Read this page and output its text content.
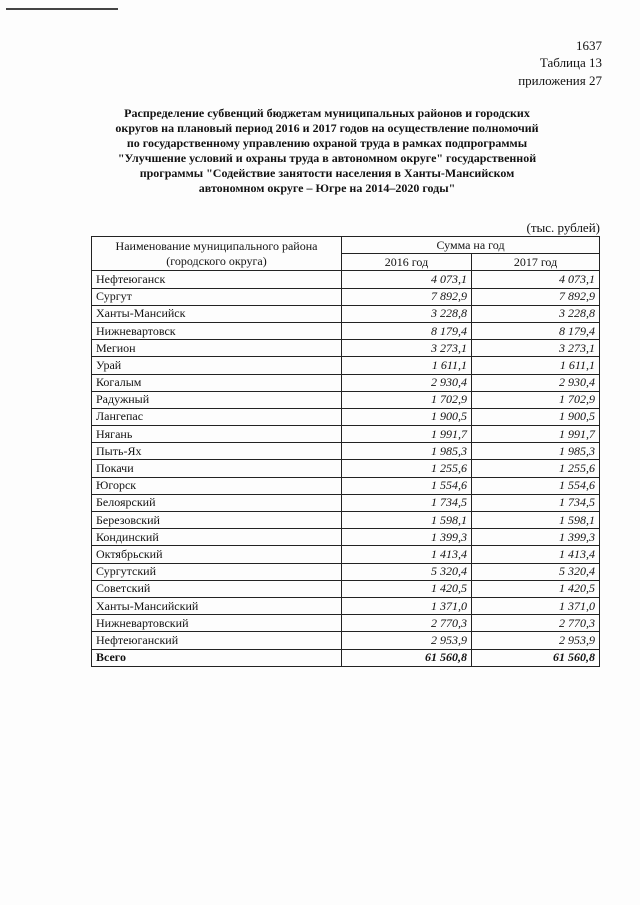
1637
Таблица 13
приложения 27
Распределение субвенций бюджетам муниципальных районов и городских
округов на плановый период 2016 и 2017 годов на осуществление полномочий
по государственному управлению охраной труда в рамках подпрограммы
"Улучшение условий и охраны труда в автономном округе" государственной
программы "Содействие занятости населения в Ханты-Мансийском
автономном округе – Югре на 2014–2020 годы"
(тыс. рублей)
Наименование муниципального района
(городского округа)	Сумма на год	
	2016 год	2017 год
Нефтеюганск	4 073,1	4 073,1
Сургут	7 892,9	7 892,9
Ханты-Мансийск	3 228,8	3 228,8
Нижневартовск	8 179,4	8 179,4
Мегион	3 273,1	3 273,1
Урай	1 611,1	1 611,1
Когалым	2 930,4	2 930,4
Радужный	1 702,9	1 702,9
Лангепас	1 900,5	1 900,5
Нягань	1 991,7	1 991,7
Пыть-Ях	1 985,3	1 985,3
Покачи	1 255,6	1 255,6
Югорск	1 554,6	1 554,6
Белоярский	1 734,5	1 734,5
Березовский	1 598,1	1 598,1
Кондинский	1 399,3	1 399,3
Октябрьский	1 413,4	1 413,4
Сургутский	5 320,4	5 320,4
Советский	1 420,5	1 420,5
Ханты-Мансийский	1 371,0	1 371,0
Нижневартовский	2 770,3	2 770,3
Нефтеюганский	2 953,9	2 953,9
Всего	61 560,8	61 560,8
